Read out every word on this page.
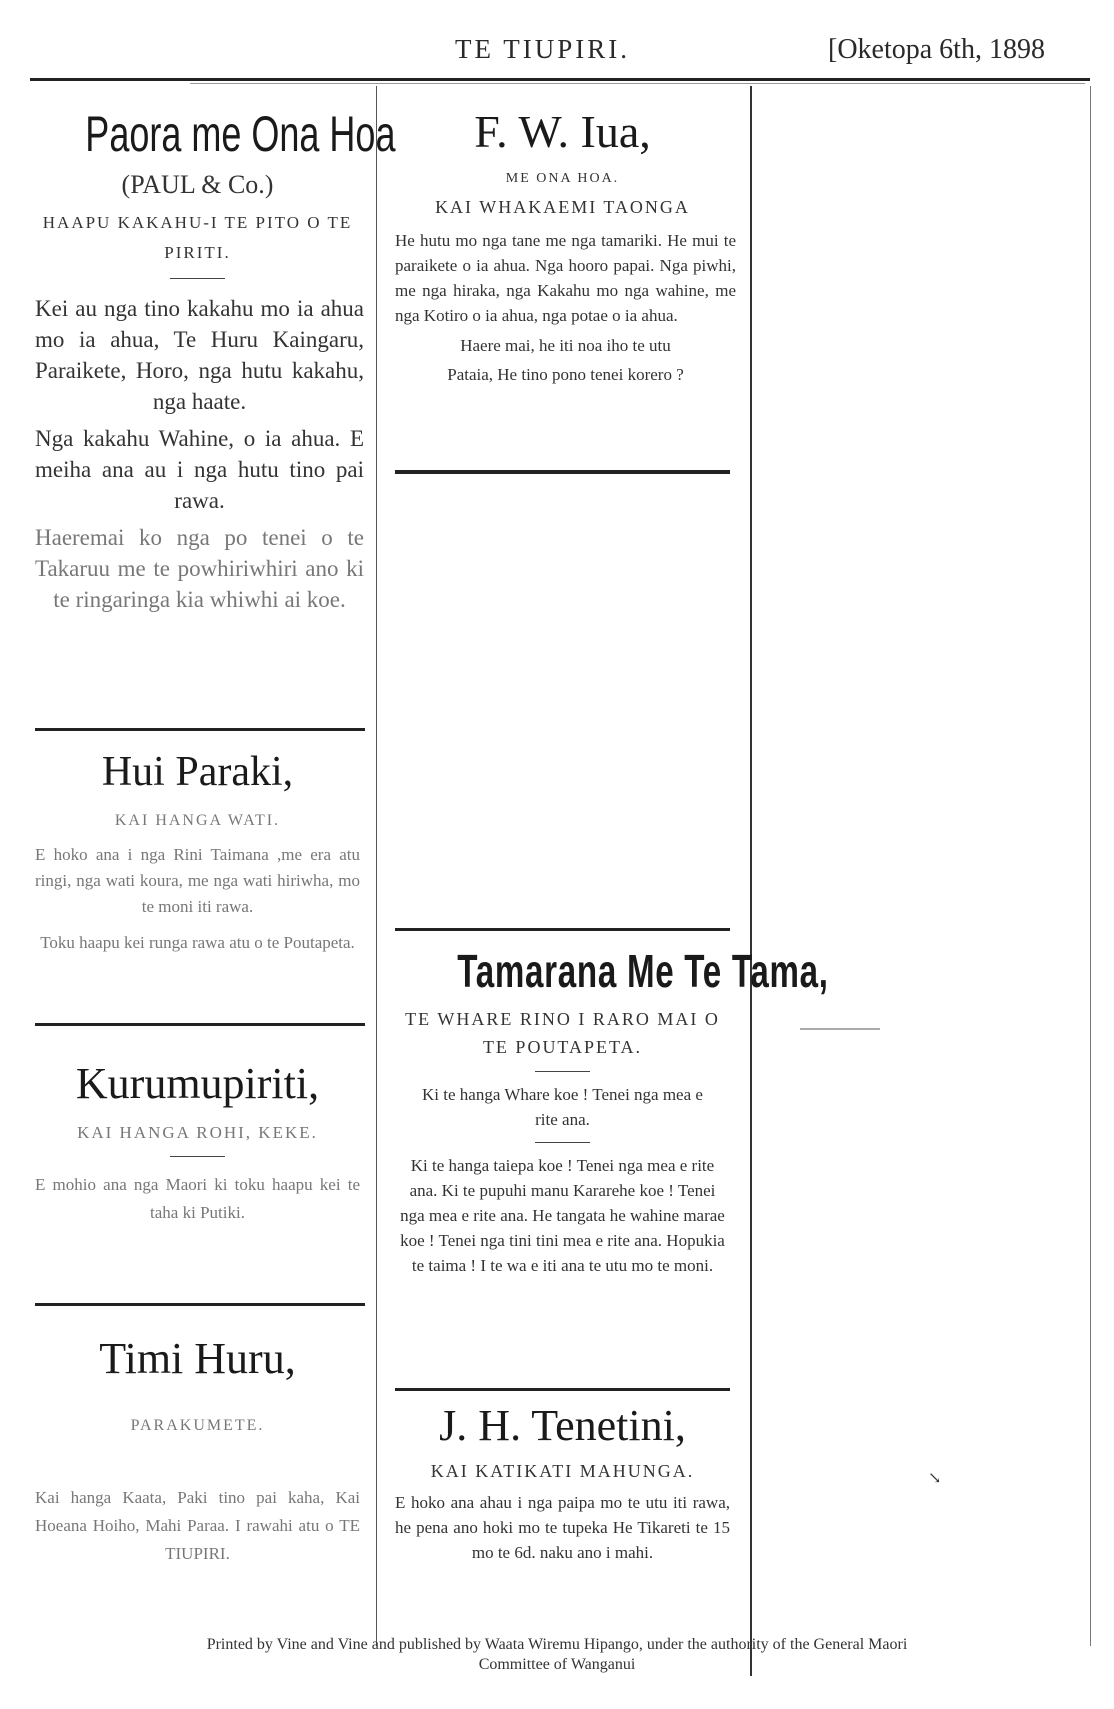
TE TIUPIRI.	[Oketopa 6th, 1898
Paora me Ona Hoa
(PAUL & Co.)
HAAPU KAKAHU-I TE PITO O TE PIRITI.
Kei au nga tino kakahu mo ia ahua mo ia ahua, Te Huru Kaingaru, Paraikete, Horo, nga hutu kakahu, nga haate.
Nga kakahu Wahine, o ia ahua. E meiha ana au i nga hutu tino pai rawa.
Haeremai ko nga po tenei o te Takaruu me te powhiriwhiri ano ki te ringaringa kia whiwhi ai koe.
Hui Paraki,
KAI HANGA WATI.
E hoko ana i nga Rini Taimana ,me era atu ringi, nga wati koura, me nga wati hiriwha, mo te moni iti rawa.
Toku haapu kei runga rawa atu o te Poutapeta.
Kurumupiriti,
KAI HANGA ROHI, KEKE.
E mohio ana nga Maori ki toku haapu kei te taha ki Putiki.
Timi Huru,
PARAKUMETE.
Kai hanga Kaata, Paki tino pai kaha, Kai Hoeana Hoiho, Mahi Paraa. I rawahi atu o TE TIUPIRI.
F. W. Iua,
ME ONA HOA.
KAI WHAKAEMI TAONGA
He hutu mo nga tane me nga tamariki. He mui te paraikete o ia ahua. Nga hooro papai. Nga piwhi, me nga hiraka, nga Kakahu mo nga wahine, me nga Kotiro o ia ahua, nga potae o ia ahua.
Haere mai, he iti noa iho te utu
Pataia, He tino pono tenei korero ?
Tamarana Me Te Tama,
TE WHARE RINO I RARO MAI O TE POUTAPETA.
Ki te hanga Whare koe ! Tenei nga mea e rite ana.
Ki te hanga taiepa koe ! Tenei nga mea e rite ana. Ki te pupuhi manu Kararehe koe ! Tenei nga mea e rite ana. He tangata he wahine marae koe ! Tenei nga tini tini mea e rite ana. Hopukia te taima ! I te wa e iti ana te utu mo te moni.
J. H. Tenetini,
KAI KATIKATI MAHUNGA.
E hoko ana ahau i nga paipa mo te utu iti rawa, he pena ano hoki mo te tupeka He Tikareti te 15 mo te 6d. naku ano i mahi.
↘
Printed by Vine and Vine and published by Waata Wiremu Hipango, under the authority of the General Maori
Committee of Wanganui
